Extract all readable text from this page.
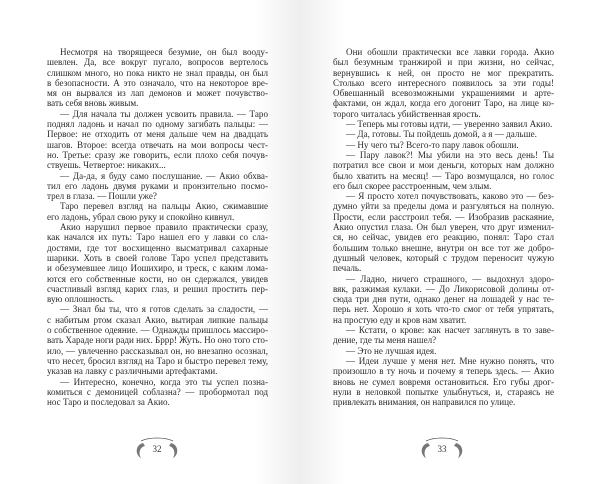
Несмотря на творящееся безумие, он был вооду-
шевлен. Да, все вокруг пугало, вопросов вертелось
слишком много, но пока никто не знал правды, он был
в безопасности. А это означало, что на некоторое вре-
мя он вырвался из лап демонов и может почувство-
вать себя вновь живым.
— Для начала ты должен усвоить правила. — Таро
поднял ладонь и начал по одному загибать пальцы: —
Первое: не отходить от меня дальше чем на двадцать
шагов. Второе: всегда отвечать на мои вопросы чест-
но. Третье: сразу же говорить, если плохо себя почув-
ствуешь. Четвертое: никаких...
— Да-да, я буду само послушание. — Акио обхва-
тил его ладонь двумя руками и пронзительно посмо-
трел в глаза. — Пошли уже?
Таро перевел взгляд на пальцы Акио, сжимавшие
его ладонь, убрал свою руку и спокойно кивнул.
Акио нарушил первое правило практически сразу,
как начался их путь: Таро нашел его у лавки со сла-
достями, где тот восхищенно высматривал сахарные
шарики. Хоть в своей голове Таро успел представить
и обезумевшее лицо Иошихиро, и треск, с каким лома-
ются его собственные кости, но он сдержался, увидев
счастливый взгляд карих глаз, и решил простить пер-
вую оплошность.
— Знал бы ты, что я готов сделать за сладости, —
с набитым ртом сказал Акио, вытирая липкие пальцы
о собственное одеяние. — Однажды пришлось массиро-
вать Хараде ноги ради них. Бррр! Жуть. Но оно того сто-
ило, — увлеченно рассказывал он, но внезапно осознал,
что несет, бросил взгляд на Таро и быстро перевел тему,
указав на лавку с различными артефактами.
— Интересно, конечно, когда это ты успел позна-
комиться с демоницей соблазна? — пробормотал под
нос Таро и последовал за Акио.
32
Они обошли практически все лавки города. Акио
был безумным транжирой и при жизни, но сейчас,
вернувшись к ней, он просто не мог прекратить.
Столько всего интересного появилось за эти годы!
Обвешанный всевозможными украшениями и арте-
фактами, он ждал, когда его догонит Таро, на лице ко-
торого читалась убийственная ярость.
— Теперь мы готовы идти, — уверенно заявил Акио.
— Да, готовы. Ты пойдешь домой, а я — дальше.
— Ну чего ты? Всего-то пару лавок обошли.
— Пару лавок?! Мы убили на это весь день! Ты
потратил все свои и мои деньги, которых нам должно
было хватить на месяц! — Таро возмущался, но голос
его был скорее расстроенным, чем злым.
— Я просто хотел почувствовать, каково это — без-
думно уйти за пределы дома и разгуляться на полную.
Прости, если расстроил тебя. — Изобразив раскаяние,
Акио опустил глаза. Он был уверен, что друг изменил-
ся, но сейчас, увидев его реакцию, понял: Таро стал
большим только внешне, внутри он все тот же добро-
душный человек, который с трудом переносит чужую
печаль.
— Ладно, ничего страшного, — выдохнул здоро-
вяк, разжимая кулаки. — До Ликорисовой долины от-
сюда три дня пути, однако денег на лошадей у нас те-
перь нет. Хорошо я хоть что-то смог от тебя упрятать,
на простую еду и кров нам хватит.
— Кстати, о крове: как насчет заглянуть в то заве-
дение, где ты меня нашел?
— Это не лучшая идея.
— Идеи лучше у меня нет. Мне нужно понять, что
произошло в ту ночь и почему я теперь здесь. — Акио
вновь не сумел вовремя остановиться. Его губы дрог-
нули в неловкой попытке улыбнуться, и, стараясь не
привлекать внимания, он направился по улице.
33
